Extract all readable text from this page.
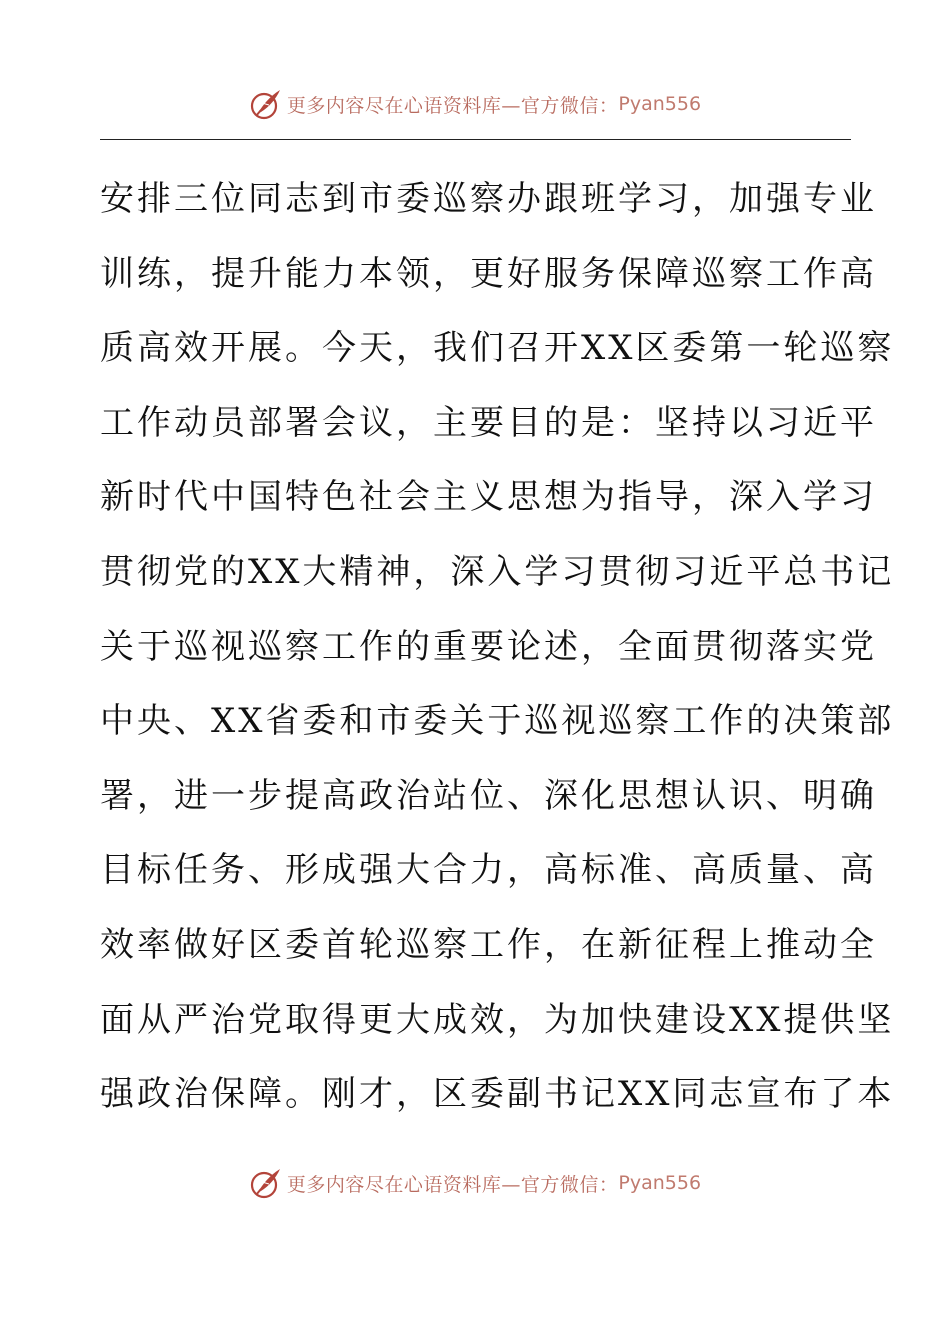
更多内容尽在心语资料库—官方微信： Pyan556
安排三位同志到市委巡察办跟班学习，加强专业
训练，提升能力本领，更好服务保障巡察工作高
质高效开展。今天，我们召开XX区委第一轮巡察
工作动员部署会议，主要目的是：坚持以习近平
新时代中国特色社会主义思想为指导，深入学习
贯彻党的XX大精神，深入学习贯彻习近平总书记
关于巡视巡察工作的重要论述，全面贯彻落实党
中央、XX省委和市委关于巡视巡察工作的决策部
署，进一步提高政治站位、深化思想认识、明确
目标任务、形成强大合力，高标准、高质量、高
效率做好区委首轮巡察工作，在新征程上推动全
面从严治党取得更大成效，为加快建设XX提供坚
强政治保障。刚才，区委副书记XX同志宣布了本
更多内容尽在心语资料库—官方微信： Pyan556
